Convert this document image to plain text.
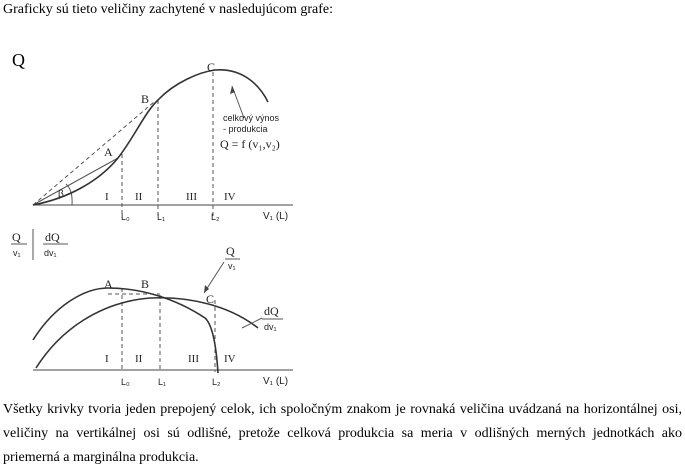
Graficky sú tieto veličiny zachytené v nasledujúcom grafe:
Q
β
A
B
C
celkový výnos
- produkcia
Q = f (v₁,v₂)
I II	III IV
L₀	L₁	L₂	V₁ (L)
Q
v₁
dQ
dv₁
A B
C
Q
v₁
dQ
dv₁
I II	III IV
L₀	L₁	L₂	V₁ (L)
Všetky krivky tvoria jeden prepojený celok, ich spoločným znakom je rovnaká veličina uvádzaná na horizontálnej osi, veličiny na vertikálnej osi sú odlišné, pretože celková produkcia sa meria v odlišných merných jednotkách ako priemerná a marginálna produkcia.
